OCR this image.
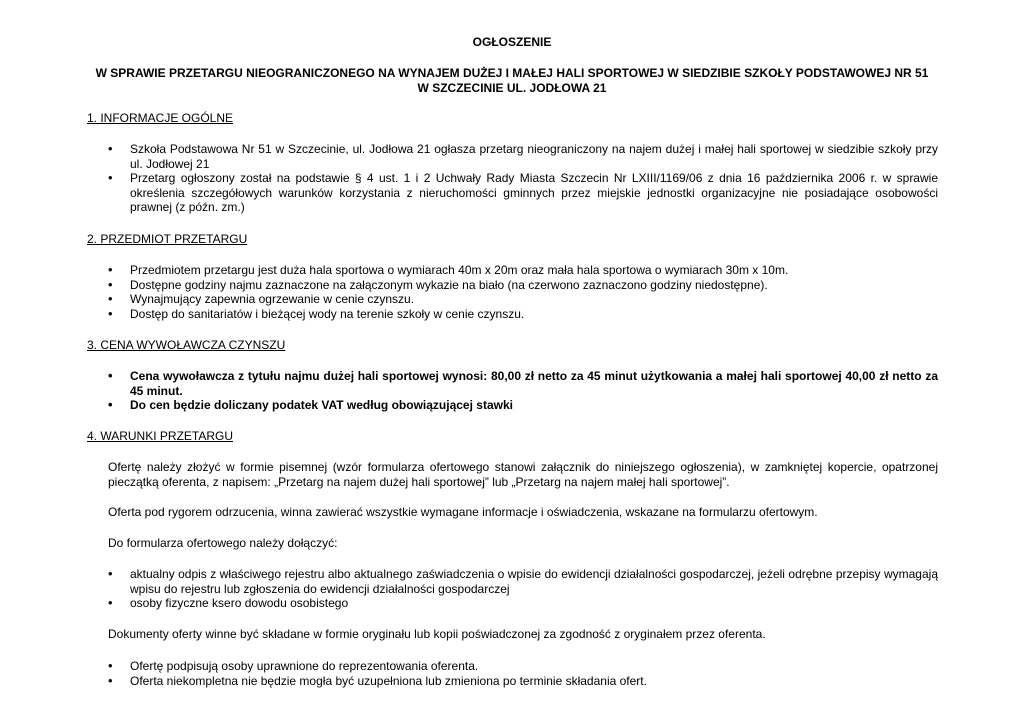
OGŁOSZENIE
W SPRAWIE PRZETARGU NIEOGRANICZONEGO NA WYNAJEM DUŻEJ I MAŁEJ HALI SPORTOWEJ W SIEDZIBIE SZKOŁY PODSTAWOWEJ NR 51
W SZCZECINIE UL. JODŁOWA 21
1. INFORMACJE OGÓLNE
• Szkoła Podstawowa Nr 51 w Szczecinie, ul. Jodłowa 21 ogłasza przetarg nieograniczony na najem dużej i małej hali sportowej w siedzibie szkoły przy ul. Jodłowej 21
• Przetarg ogłoszony został na podstawie § 4 ust. 1 i 2 Uchwały Rady Miasta Szczecin Nr LXIII/1169/06 z dnia 16 października 2006 r. w sprawie określenia szczegółowych warunków korzystania z nieruchomości gminnych przez miejskie jednostki organizacyjne nie posiadające osobowości prawnej (z późn. zm.)
2. PRZEDMIOT PRZETARGU
• Przedmiotem przetargu jest duża hala sportowa o wymiarach 40m x 20m oraz mała hala sportowa o wymiarach 30m x 10m.
• Dostępne godziny najmu zaznaczone na załączonym wykazie na biało (na czerwono zaznaczono godziny niedostępne).
• Wynajmujący zapewnia ogrzewanie w cenie czynszu.
• Dostęp do sanitariatów i bieżącej wody na terenie szkoły w cenie czynszu.
3. CENA WYWOŁAWCZA CZYNSZU
• Cena wywoławcza z tytułu najmu dużej hali sportowej wynosi: 80,00 zł netto za 45 minut użytkowania a małej hali sportowej 40,00 zł netto za 45 minut.
• Do cen będzie doliczany podatek VAT według obowiązującej stawki
4. WARUNKI PRZETARGU

Ofertę należy złożyć w formie pisemnej (wzór formularza ofertowego stanowi załącznik do niniejszego ogłoszenia), w zamkniętej kopercie, opatrzonej pieczątką oferenta, z napisem: „Przetarg na najem dużej hali sportowej” lub „Przetarg na najem małej hali sportowej”.

Oferta pod rygorem odrzucenia, winna zawierać wszystkie wymagane informacje i oświadczenia, wskazane na formularzu ofertowym.

Do formularza ofertowego należy dołączyć:

• aktualny odpis z właściwego rejestru albo aktualnego zaświadczenia o wpisie do ewidencji działalności gospodarczej, jeżeli odrębne przepisy wymagają wpisu do rejestru lub zgłoszenia do ewidencji działalności gospodarczej
• osoby fizyczne ksero dowodu osobistego

Dokumenty oferty winne być składane w formie oryginału lub kopii poświadczonej za zgodność z oryginałem przez oferenta.

• Ofertę podpisują osoby uprawnione do reprezentowania oferenta.
• Oferta niekompletna nie będzie mogła być uzupełniona lub zmieniona po terminie składania ofert.
